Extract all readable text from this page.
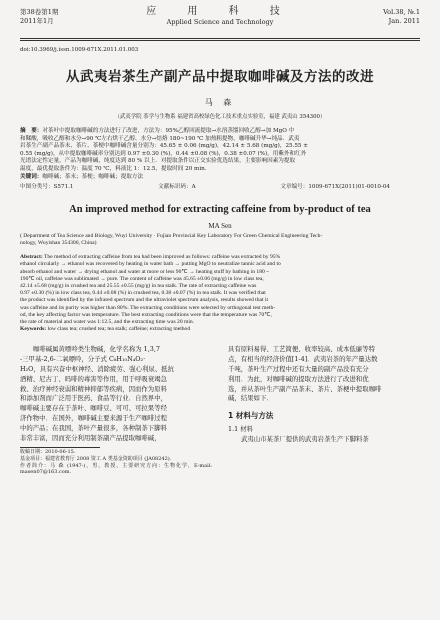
第38卷第1期
2011年1月
应 用 科 技
Applied Science and Technology
Vol.38, №.1
Jan. 2011
doi:10.3969/j.issn.1009-671X.2011.01.003
从武夷岩茶生产副产品中提取咖啡碱及方法的改进
马 森
（武夷学院 茶学与生物系 福建省高校绿色化工技术重点实验室，福建 武夷山 354300）
摘　要：对茶叶中提取咖啡碱的方法进行了改进，方法为：95%乙醇回流提取→水溶蒸馏回收乙醇→加 MgO 中
和鞣酸，吸收乙醇和水分→90 ℃左右烘干乙醇、水分→焙烙 180~190 ℃ 加热粗提物，咖啡碱升华→纯品．武夷
岩茶生产副产品茶末、茶片、茶梗中咖啡碱含量分别为：45.65 ± 0.06 (mg/g)，42.14 ± 5.68 (mg/g)，25.55 ±
0.55 (mg/g)，从中提取咖啡碱率分别达到 0.97 ±0.30 (%)，0.44 ±0.08 (%)，0.38 ±0.07 (%)，用紫外和红外
光谱法定性定量，产品为咖啡碱，纯度达到 80 % 以上．对提取条件以正交实验优选结果，主要影响因素为提取
温度，最优提取条件为：温度 70 ℃，料液比 1：12.5，提取时间 20 min.
关键词：咖啡碱；茶末；茶梗；咖啡碱；提取方法
中图分类号：S571.1	文献标识码：A	文章编号：1009-671X(2011)01-0010-04
An improved method for extracting caffeine from by-product of tea
MA Sen
( Department of Tea Science and Biology, Wuyi University · Fujian Provincial Key Laboratory For Green Chemical Engineering Tech-
nology, Wuyishan 354300, China)
Abstract: The method of extracting caffeine from tea had been improved as follows: caffeine was extracted by 95%
ethanol circularly → ethanol was recovered by heating in water bath → putting MgO to neutralize tannic acid and to
absorb ethanol and water → drying ethanol and water at more or less 90℃ → heating stuff by bathing in 180 ~
190℃ oil, caffeine was sublimated → pure. The content of caffeine was 45.65 ±0.06 (mg/g) in low class tea,
42.14 ±5.68 (mg/g) in crushed tea and 25.55 ±0.55 (mg/g) in tea stalk. The rate of extracting caffeine was
0.97 ±0.30 (%) in low class tea, 0.44 ±0.08 (%) in crushed tea, 0.38 ±0.07 (%) in tea stalk. It was verified that
the product was identified by the infrared spectrum and the ultraviolet spectrum analysis, results showed that it
was caffeine and its purity was higher than 80%. The extracting conditions were selected by orthogonal test meth-
od, the key affecting factor was temperature. The best extracting conditions were that the temperature was 70℃,
the rate of material and water was 1:12.5, and the extracting time was 20 min.
Keywords: low class tea; crushed tea; tea stalk; caffeine; extracting method

咖啡碱属黄嘌呤类生物碱，化学名称为 1,3,7
-三甲基-2,6-二氧嘌呤，分子式 C₈H₁₀N₄O₂·
H₂O，具有兴奋中枢神经、消除疲劳、强心利尿、抵抗
酒精、尼古丁、吗啡的毒害等作用，用于呼吸衰竭急
救、治疗神经衰弱和精神抑郁等疾病，因而作为原料
和添加剂而广泛用于医药、食品等行业．自然界中，
咖啡碱主要存在于茶叶、咖啡豆、可可、可拉果等经
济作物中．在国外，咖啡碱主要来源于生产咖啡过程
中的产品；在我国，茶叶产量很多，各种制茶下脚料
非常丰富，因而充分利用制茶副产品提取咖啡碱，

收稿日期：2010-06-15.
基金项目：福建省教育厅 2008 资工 A 类基金资助项目 (JA08242).
作者简介：马 森 (1947-)，男，教授，主要研究方向：生物化学，E-mail: masen07@163.com.
具有原料易得、工艺简便、收率较高、成本低廉等特
点，有相当的经济价值[1-4]．武夷岩茶的年产量达数
千吨，茶叶生产过程中还有大量的副产品没有充分
利用．为此，对咖啡碱的提取方法进行了改进和优
选，并从茶叶生产副产品茶末、茶片、茶梗中提取咖啡
碱，结果如下．
1 材料与方法
1.1 材料

武夷山市某茶厂提供的武夷岩茶生产下脚料茶
